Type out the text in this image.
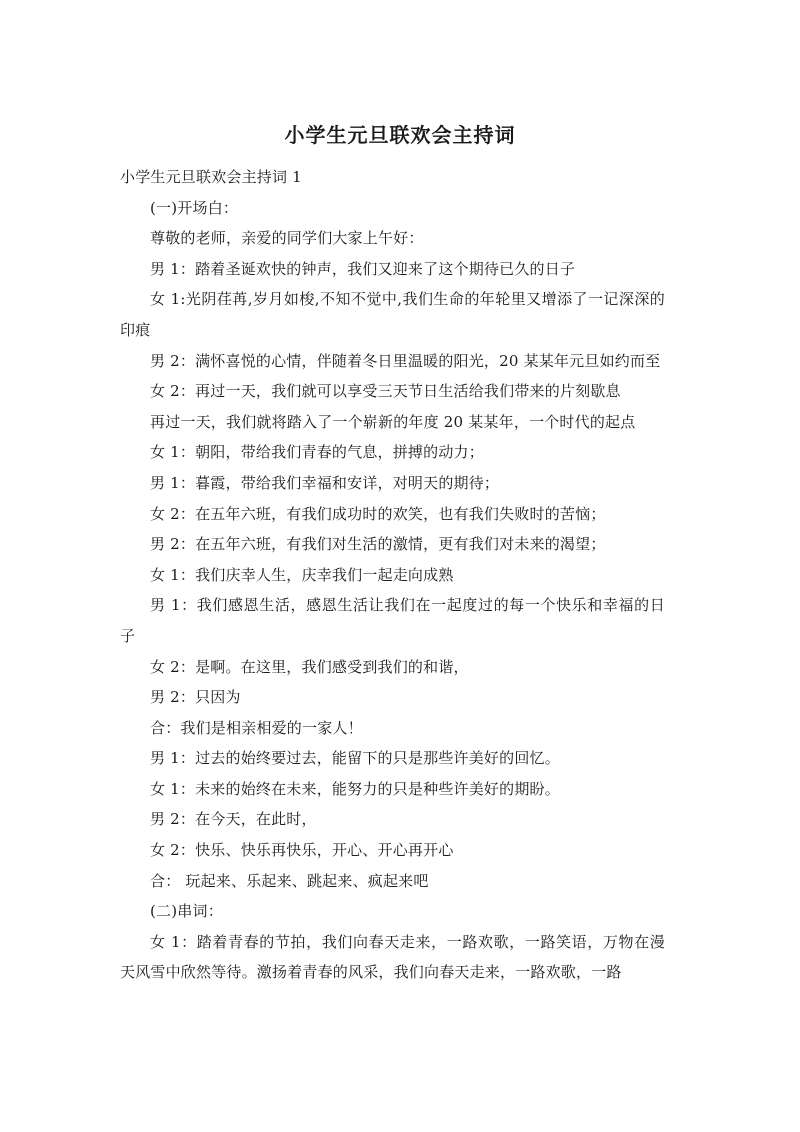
小学生元旦联欢会主持词

小学生元旦联欢会主持词 1

(一)开场白：

尊敬的老师，亲爱的同学们大家上午好：

男 1：踏着圣诞欢快的钟声，我们又迎来了这个期待已久的日子

女 1:光阴荏苒,岁月如梭,不知不觉中,我们生命的年轮里又增添了一记深深的印痕

男 2：满怀喜悦的心情，伴随着冬日里温暖的阳光，20 某某年元旦如约而至

女 2：再过一天，我们就可以享受三天节日生活给我们带来的片刻歇息

再过一天，我们就将踏入了一个崭新的年度 20 某某年，一个时代的起点

女 1：朝阳，带给我们青春的气息，拼搏的动力；

男 1：暮霞，带给我们幸福和安详，对明天的期待；

女 2：在五年六班，有我们成功时的欢笑，也有我们失败时的苦恼；

男 2：在五年六班，有我们对生活的激情，更有我们对未来的渴望；

女 1：我们庆幸人生，庆幸我们一起走向成熟

男 1：我们感恩生活，感恩生活让我们在一起度过的每一个快乐和幸福的日子

女 2：是啊。在这里，我们感受到我们的和谐，

男 2：只因为

合：我们是相亲相爱的一家人！

男 1：过去的始终要过去，能留下的只是那些许美好的回忆。

女 1：未来的始终在未来，能努力的只是种些许美好的期盼。

男 2：在今天，在此时，

女 2：快乐、快乐再快乐，开心、开心再开心

合： 玩起来、乐起来、跳起来、疯起来吧

(二)串词：

女 1：踏着青春的节拍，我们向春天走来，一路欢歌，一路笑语，万物在漫天风雪中欣然等待。激扬着青春的风采，我们向春天走来，一路欢歌，一路
